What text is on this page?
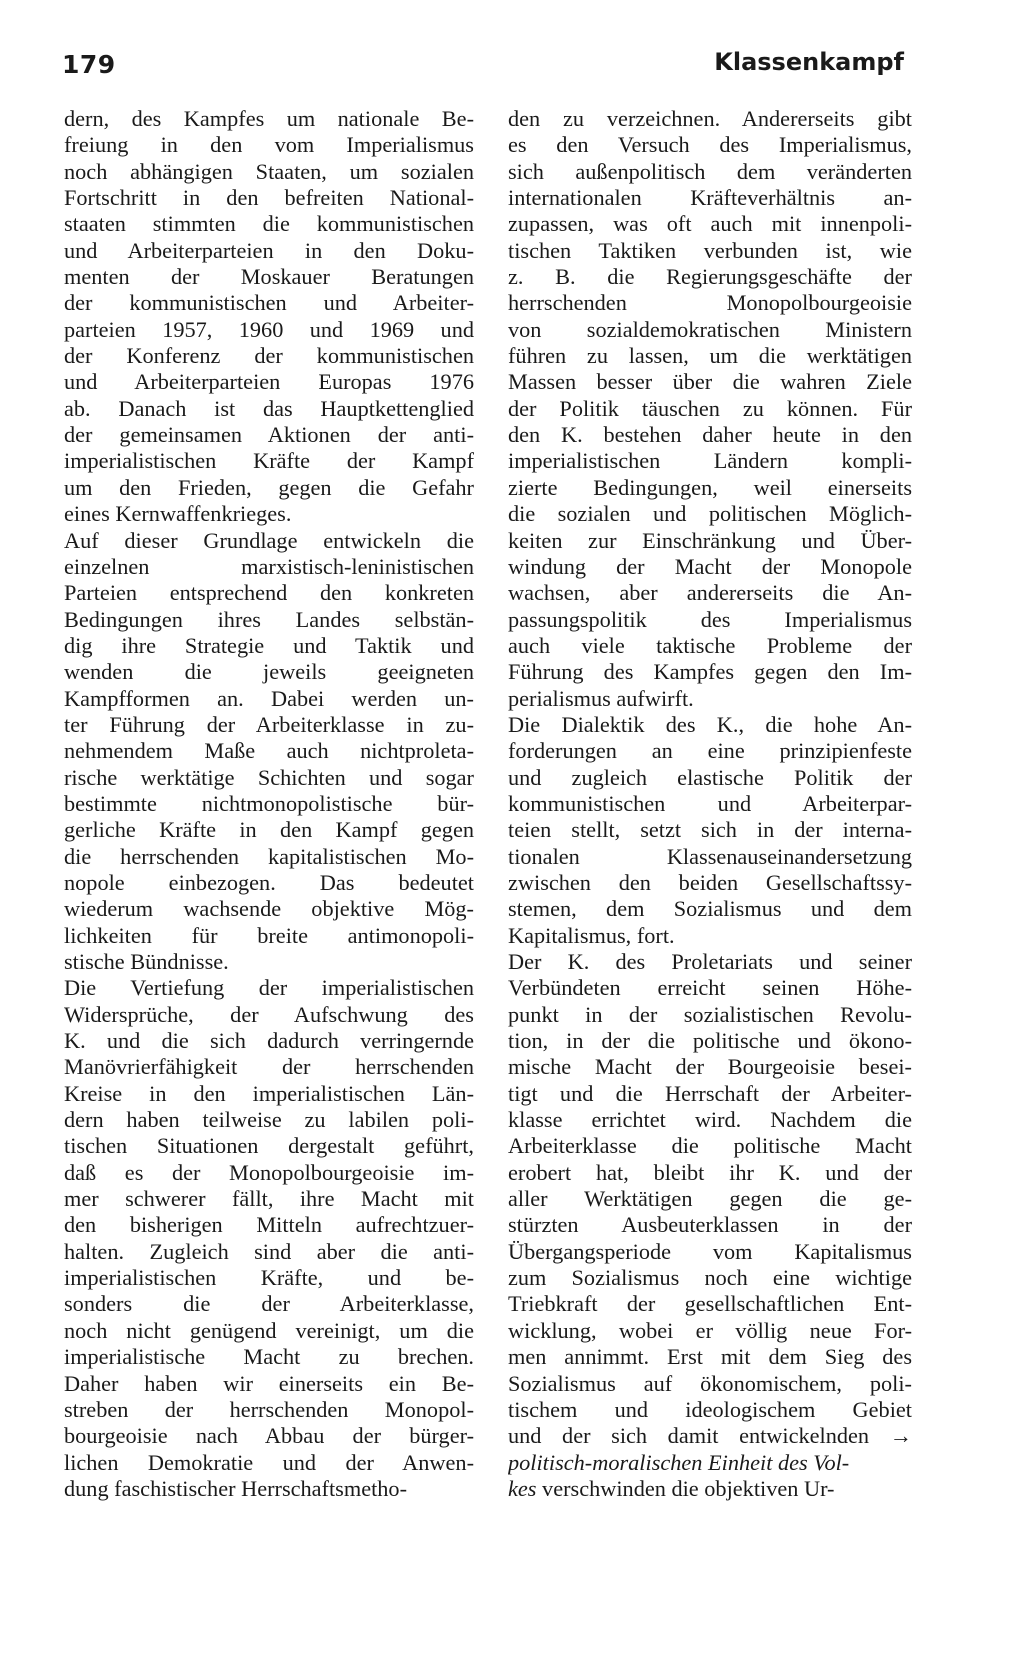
179	Klassenkampf
dern, des Kampfes um nationale Be-
freiung in den vom Imperialismus
noch abhängigen Staaten, um sozialen
Fortschritt in den befreiten National-
staaten stimmten die kommunistischen
und Arbeiterparteien in den Doku-
menten der Moskauer Beratungen
der kommunistischen und Arbeiter-
parteien 1957, 1960 und 1969 und
der Konferenz der kommunistischen
und Arbeiterparteien Europas 1976
ab. Danach ist das Hauptkettenglied
der gemeinsamen Aktionen der anti-
imperialistischen Kräfte der Kampf
um den Frieden, gegen die Gefahr
eines Kernwaffenkrieges.
Auf dieser Grundlage entwickeln die
einzelnen marxistisch-leninistischen
Parteien entsprechend den konkreten
Bedingungen ihres Landes selbstän-
dig ihre Strategie und Taktik und
wenden die jeweils geeigneten
Kampfformen an. Dabei werden un-
ter Führung der Arbeiterklasse in zu-
nehmendem Maße auch nichtproleta-
rische werktätige Schichten und sogar
bestimmte nichtmonopolistische bür-
gerliche Kräfte in den Kampf gegen
die herrschenden kapitalistischen Mo-
nopole einbezogen. Das bedeutet
wiederum wachsende objektive Mög-
lichkeiten für breite antimonopoli-
stische Bündnisse.
Die Vertiefung der imperialistischen
Widersprüche, der Aufschwung des
K. und die sich dadurch verringernde
Manövrierfähigkeit der herrschenden
Kreise in den imperialistischen Län-
dern haben teilweise zu labilen poli-
tischen Situationen dergestalt geführt,
daß es der Monopolbourgeoisie im-
mer schwerer fällt, ihre Macht mit
den bisherigen Mitteln aufrechtzuer-
halten. Zugleich sind aber die anti-
imperialistischen Kräfte, und be-
sonders die der Arbeiterklasse,
noch nicht genügend vereinigt, um die
imperialistische Macht zu brechen.
Daher haben wir einerseits ein Be-
streben der herrschenden Monopol-
bourgeoisie nach Abbau der bürger-
lichen Demokratie und der Anwen-
dung faschistischer Herrschaftsmetho-
den zu verzeichnen. Andererseits gibt
es den Versuch des Imperialismus,
sich außenpolitisch dem veränderten
internationalen Kräfteverhältnis an-
zupassen, was oft auch mit innenpoli-
tischen Taktiken verbunden ist, wie
z. B. die Regierungsgeschäfte der
herrschenden Monopolbourgeoisie
von sozialdemokratischen Ministern
führen zu lassen, um die werktätigen
Massen besser über die wahren Ziele
der Politik täuschen zu können. Für
den K. bestehen daher heute in den
imperialistischen Ländern kompli-
zierte Bedingungen, weil einerseits
die sozialen und politischen Möglich-
keiten zur Einschränkung und Über-
windung der Macht der Monopole
wachsen, aber andererseits die An-
passungspolitik des Imperialismus
auch viele taktische Probleme der
Führung des Kampfes gegen den Im-
perialismus aufwirft.
Die Dialektik des K., die hohe An-
forderungen an eine prinzipienfeste
und zugleich elastische Politik der
kommunistischen und Arbeiterpar-
teien stellt, setzt sich in der interna-
tionalen Klassenauseinandersetzung
zwischen den beiden Gesellschaftssy-
stemen, dem Sozialismus und dem
Kapitalismus, fort.
Der K. des Proletariats und seiner
Verbündeten erreicht seinen Höhe-
punkt in der sozialistischen Revolu-
tion, in der die politische und ökono-
mische Macht der Bourgeoisie besei-
tigt und die Herrschaft der Arbeiter-
klasse errichtet wird. Nachdem die
Arbeiterklasse die politische Macht
erobert hat, bleibt ihr K. und der
aller Werktätigen gegen die ge-
stürzten Ausbeuterklassen in der
Übergangsperiode vom Kapitalismus
zum Sozialismus noch eine wichtige
Triebkraft der gesellschaftlichen Ent-
wicklung, wobei er völlig neue For-
men annimmt. Erst mit dem Sieg des
Sozialismus auf ökonomischem, poli-
tischem und ideologischem Gebiet
und der sich damit entwickelnden →
politisch-moralischen Einheit des Vol-
kes verschwinden die objektiven Ur-
